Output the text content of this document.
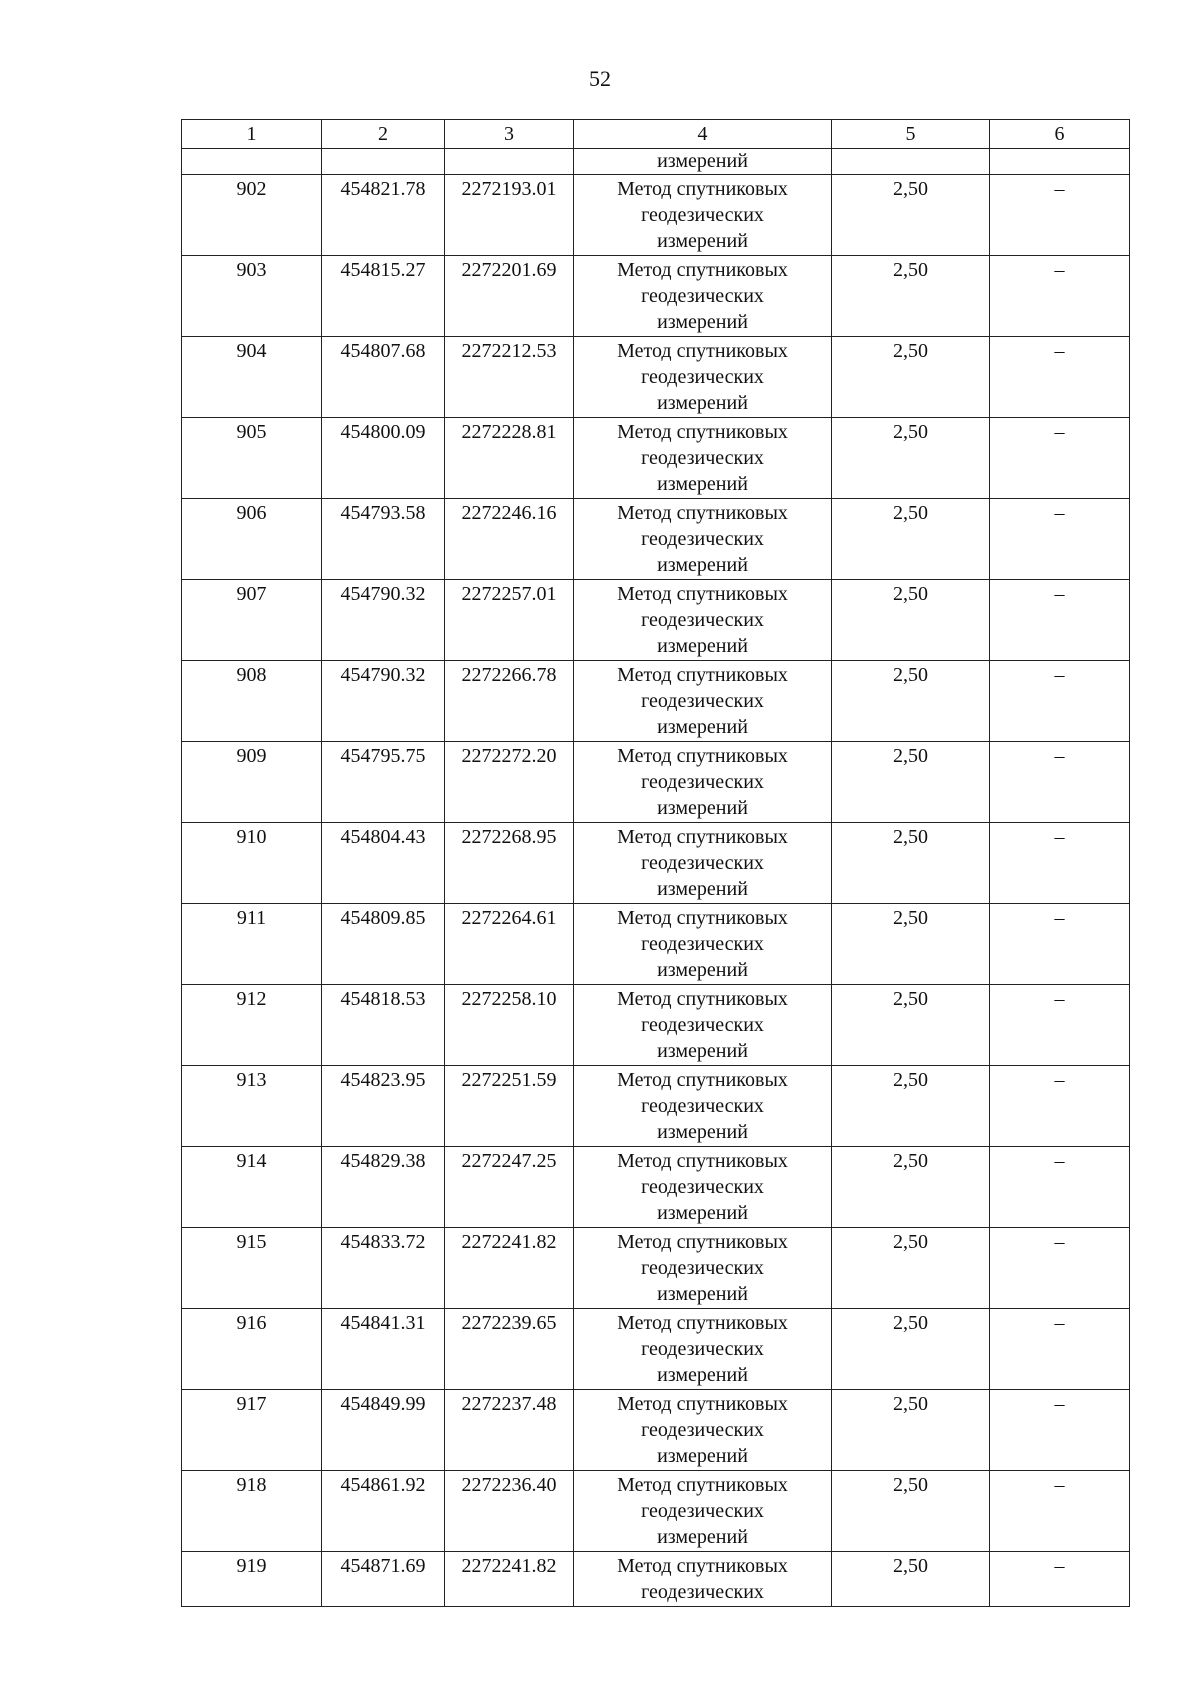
52
1	2	3	4	5	6
			измерений		
902	454821.78	2272193.01	Метод спутниковых
геодезических
измерений	2,50	–
903	454815.27	2272201.69	Метод спутниковых
геодезических
измерений	2,50	–
904	454807.68	2272212.53	Метод спутниковых
геодезических
измерений	2,50	–
905	454800.09	2272228.81	Метод спутниковых
геодезических
измерений	2,50	–
906	454793.58	2272246.16	Метод спутниковых
геодезических
измерений	2,50	–
907	454790.32	2272257.01	Метод спутниковых
геодезических
измерений	2,50	–
908	454790.32	2272266.78	Метод спутниковых
геодезических
измерений	2,50	–
909	454795.75	2272272.20	Метод спутниковых
геодезических
измерений	2,50	–
910	454804.43	2272268.95	Метод спутниковых
геодезических
измерений	2,50	–
911	454809.85	2272264.61	Метод спутниковых
геодезических
измерений	2,50	–
912	454818.53	2272258.10	Метод спутниковых
геодезических
измерений	2,50	–
913	454823.95	2272251.59	Метод спутниковых
геодезических
измерений	2,50	–
914	454829.38	2272247.25	Метод спутниковых
геодезических
измерений	2,50	–
915	454833.72	2272241.82	Метод спутниковых
геодезических
измерений	2,50	–
916	454841.31	2272239.65	Метод спутниковых
геодезических
измерений	2,50	–
917	454849.99	2272237.48	Метод спутниковых
геодезических
измерений	2,50	–
918	454861.92	2272236.40	Метод спутниковых
геодезических
измерений	2,50	–
919	454871.69	2272241.82	Метод спутниковых
геодезических	2,50	–
